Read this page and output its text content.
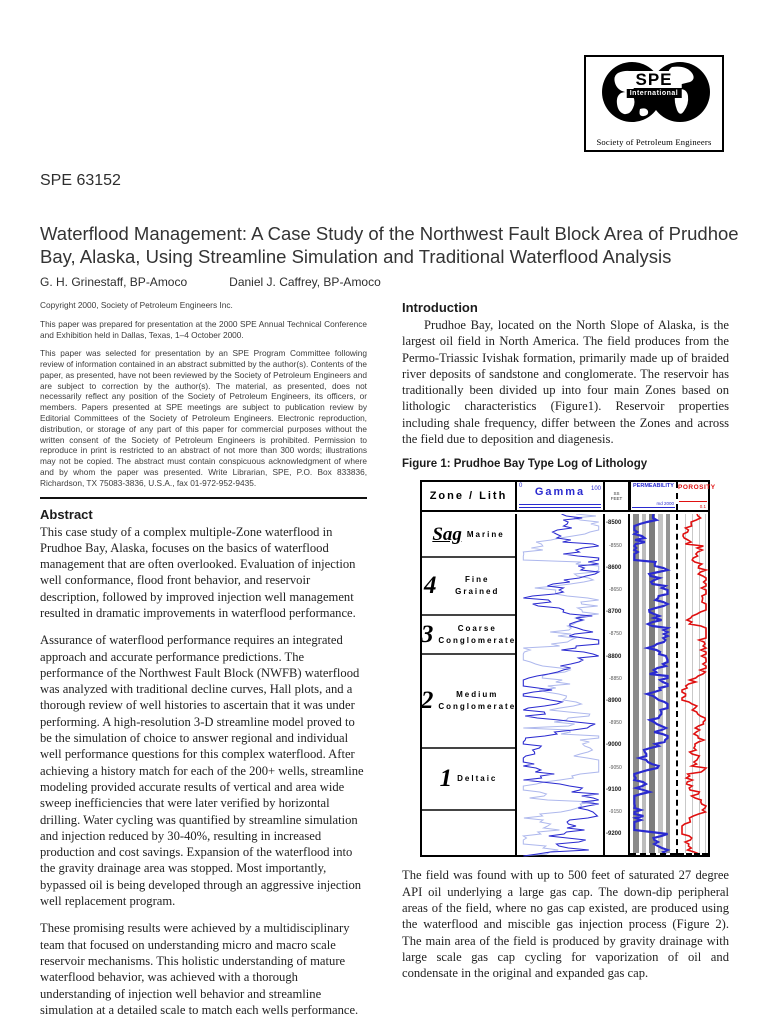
SPE
International
Society of Petroleum Engineers
SPE 63152
Waterflood Management: A Case Study of the Northwest Fault Block Area of Prudhoe Bay, Alaska, Using Streamline Simulation and Traditional Waterflood Analysis
G. H. Grinestaff, BP-Amoco	Daniel J. Caffrey, BP-Amoco

Copyright 2000, Society of Petroleum Engineers Inc.

This paper was prepared for presentation at the 2000 SPE Annual Technical Conference and Exhibition held in Dallas, Texas, 1–4 October 2000.

This paper was selected for presentation by an SPE Program Committee following review of information contained in an abstract submitted by the author(s). Contents of the paper, as presented, have not been reviewed by the Society of Petroleum Engineers and are subject to correction by the author(s). The material, as presented, does not necessarily reflect any position of the Society of Petroleum Engineers, its officers, or members. Papers presented at SPE meetings are subject to publication review by Editorial Committees of the Society of Petroleum Engineers. Electronic reproduction, distribution, or storage of any part of this paper for commercial purposes without the written consent of the Society of Petroleum Engineers is prohibited. Permission to reproduce in print is restricted to an abstract of not more than 300 words; illustrations may not be copied. The abstract must contain conspicuous acknowledgment of where and by whom the paper was presented. Write Librarian, SPE, P.O. Box 833836, Richardson, TX 75083-3836, U.S.A., fax 01-972-952-9435.

Abstract

This case study of a complex multiple-Zone waterflood in Prudhoe Bay, Alaska, focuses on the basics of waterflood management that are often overlooked. Evaluation of injection well conformance, flood front behavior, and reservoir description, followed by improved injection well management resulted in dramatic improvements in waterflood performance.

Assurance of waterflood performance requires an integrated approach and accurate performance predictions. The performance of the Northwest Fault Block (NWFB) waterflood was analyzed with traditional decline curves, Hall plots, and a thorough review of well histories to ascertain that it was under performing. A high-resolution 3-D streamline model proved to be the simulation of choice to answer regional and individual well performance questions for this complex waterflood. After achieving a history match for each of the 200+ wells, streamline modeling provided accurate results of vertical and area wide sweep inefficiencies that were later verified by horizontal drilling. Water cycling was quantified by streamline simulation and injection reduced by 30-40%, resulting in increased production and cost savings. Expansion of the waterflood into the gravity drainage area was stopped. Most importantly, bypassed oil is being developed through an aggressive injection well replacement program.

These promising results were achieved by a multidisciplinary team that focused on understanding micro and macro scale reservoir mechanisms. This holistic understanding of mature waterflood behavior, was achieved with a thorough understanding of injection well behavior and streamline simulation at a detailed scale to match each wells performance.

Introduction

Prudhoe Bay, located on the North Slope of Alaska, is the largest oil field in North America. The field produces from the Permo-Triassic Ivishak formation, primarily made up of braided river deposits of sandstone and conglomerate. The reservoir has traditionally been divided up into four main Zones based on lithologic characteristics (Figure1). Reservoir properties including shale frequency, differ between the Zones and across the field due to deposition and diagenesis.

Figure 1: Prudhoe Bay Type Log of Lithology
Zone / Lith
0	Gamma 100
SS
FEET
PERMEABILITY
md 2000
POROSITY
0.1
Sag Marine
4	Fine Grained
3	Coarse Conglomerate
2	Medium Conglomerate
1 Deltaic
-8500
-8550
-8600
-8650
-8700
-8750
-8800
-8850
-8900
-8950
-9000
-9050
-9100
-9150
-9200

The field was found with up to 500 feet of saturated 27 degree API oil underlying a large gas cap. The down-dip peripheral areas of the field, where no gas cap existed, are produced using the waterflood and miscible gas injection process (Figure 2). The main area of the field is produced by gravity drainage with large scale gas cap cycling for vaporization of oil and condensate in the original and expanded gas cap.
